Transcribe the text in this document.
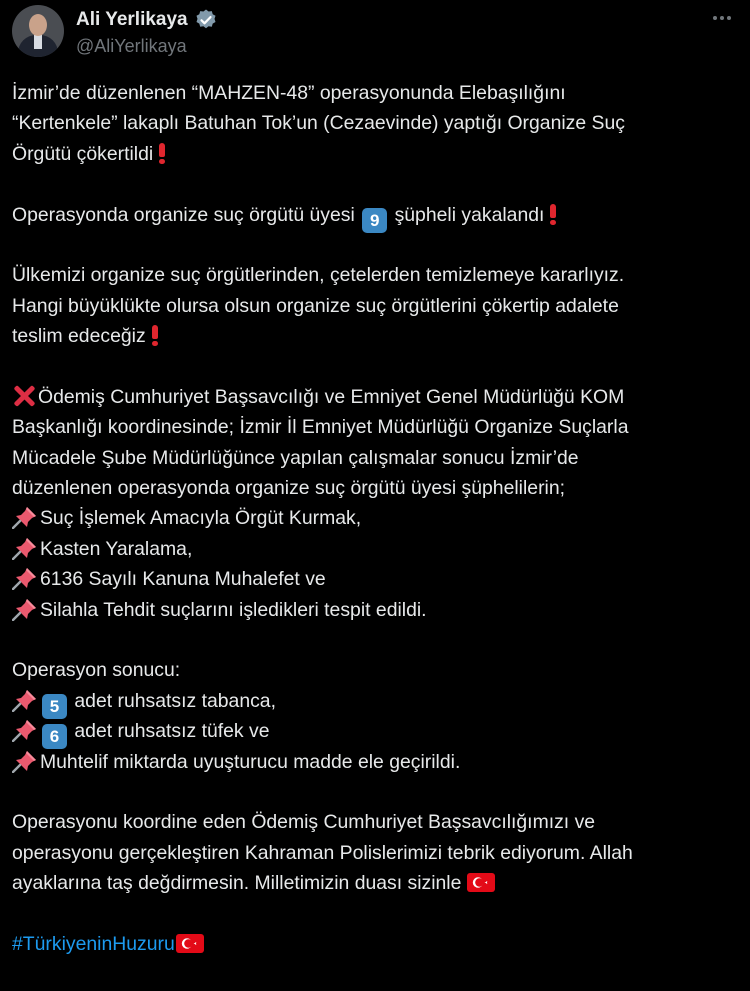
Ali Yerlikaya
@AliYerlikaya
İzmir’de düzenlenen “MAHZEN-48” operasyonunda Elebaşılığını
“Kertenkele” lakaplı Batuhan Tok’un (Cezaevinde) yaptığı Organize Suç
Örgütü çökertildi
Operasyonda organize suç örgütü üyesi 9 şüpheli yakalandı
Ülkemizi organize suç örgütlerinden, çetelerden temizlemeye kararlıyız.
Hangi büyüklükte olursa olsun organize suç örgütlerini çökertip adalete
teslim edeceğiz
Ödemiş Cumhuriyet Başsavcılığı ve Emniyet Genel Müdürlüğü KOM
Başkanlığı koordinesinde; İzmir İl Emniyet Müdürlüğü Organize Suçlarla
Mücadele Şube Müdürlüğünce yapılan çalışmalar sonucu İzmir’de
düzenlenen operasyonda organize suç örgütü üyesi şüphelilerin;
Suç İşlemek Amacıyla Örgüt Kurmak,
Kasten Yaralama,
6136 Sayılı Kanuna Muhalefet ve
Silahla Tehdit suçlarını işledikleri tespit edildi.
Operasyon sonucu:
5 adet ruhsatsız tabanca,
6 adet ruhsatsız tüfek ve
Muhtelif miktarda uyuşturucu madde ele geçirildi.
Operasyonu koordine eden Ödemiş Cumhuriyet Başsavcılığımızı ve
operasyonu gerçekleştiren Kahraman Polislerimizi tebrik ediyorum. Allah
ayaklarına taş değdirmesin. Milletimizin duası sizinle
#TürkiyeninHuzuru
